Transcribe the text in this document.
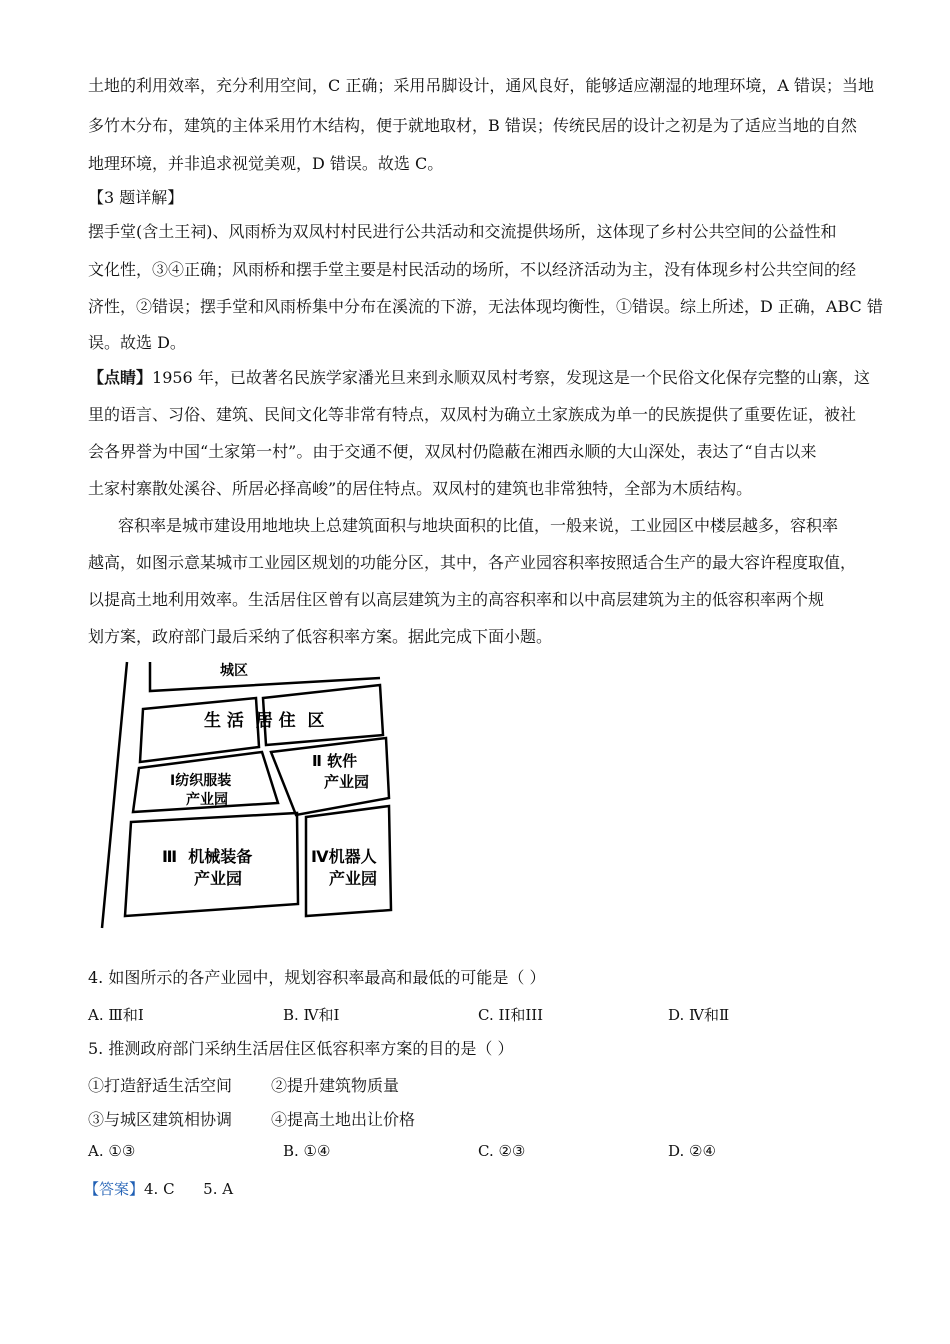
土地的利用效率，充分利用空间，C 正确；采用吊脚设计，通风良好，能够适应潮湿的地理环境，A 错误；当地
多竹木分布，建筑的主体采用竹木结构，便于就地取材，B 错误；传统民居的设计之初是为了适应当地的自然
地理环境，并非追求视觉美观，D 错误。故选 C。
【3 题详解】
摆手堂(含土王祠)、风雨桥为双凤村村民进行公共活动和交流提供场所，这体现了乡村公共空间的公益性和
文化性，③④正确；风雨桥和摆手堂主要是村民活动的场所，不以经济活动为主，没有体现乡村公共空间的经
济性，②错误；摆手堂和风雨桥集中分布在溪流的下游，无法体现均衡性，①错误。综上所述，D 正确，ABC 错
误。故选 D。
【点睛】1956 年，已故著名民族学家潘光旦来到永顺双凤村考察，发现这是一个民俗文化保存完整的山寨，这
里的语言、习俗、建筑、民间文化等非常有特点，双凤村为确立土家族成为单一的民族提供了重要佐证，被社
会各界誉为中国“土家第一村”。由于交通不便，双凤村仍隐蔽在湘西永顺的大山深处，表达了“自古以来
土家村寨散处溪谷、所居必择高峻”的居住特点。双凤村的建筑也非常独特，全部为木质结构。
容积率是城市建设用地地块上总建筑面积与地块面积的比值，一般来说，工业园区中楼层越多，容积率
越高，如图示意某城市工业园区规划的功能分区，其中，各产业园容积率按照适合生产的最大容许程度取值，
以提高土地利用效率。生活居住区曾有以高层建筑为主的高容积率和以中高层建筑为主的低容积率两个规
划方案，政府部门最后采纳了低容积率方案。据此完成下面小题。
城区
生 活  居 住  区
Ⅰ纺织服装
产业园
Ⅱ 软件
产业园
Ⅲ  机械装备
产业园
Ⅳ机器人
产业园
4. 如图所示的各产业园中，规划容积率最高和最低的可能是（ ）
A. Ⅲ和Ⅰ	B. Ⅳ和Ⅰ	C. II和III	D. Ⅳ和Ⅱ
5. 推测政府部门采纳生活居住区低容积率方案的目的是（ ）
①打造舒适生活空间 ②提升建筑物质量
③与城区建筑相协调 ④提高土地出让价格
A. ①③	B. ①④	C. ②③	D. ②④
【答案】4. C      5. A
